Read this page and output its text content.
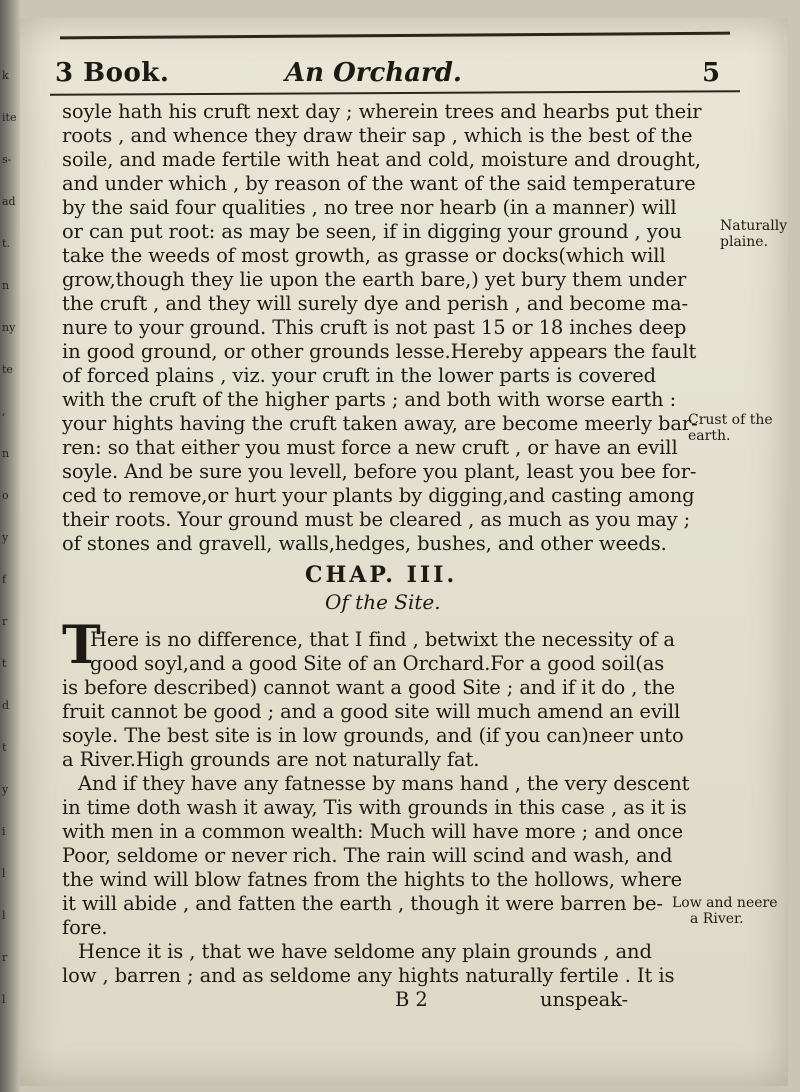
k
ite
s-
ad
t.
n
ny
te
,
n
o
y
f
r
t
d
t
y
i
l
l
r
l
3 Book.	An Orchard.	5
soyle hath his cruft next day ; wherein trees and hearbs put their
roots , and whence they draw their sap , which is the best of the
soile, and made fertile with heat and cold, moisture and drought,
and under which , by reason of the want of the said temperature
by the said four qualities , no tree nor hearb (in a manner) will
or can put root: as may be seen, if in digging your ground , you
take the weeds of most growth, as grasse or docks(which will
grow,though they lie upon the earth bare,) yet bury them under
the cruft , and they will surely dye and perish , and become ma-
nure to your ground. This cruft is not past 15 or 18 inches deep
in good ground, or other grounds lesse.Hereby appears the fault
of forced plains , viz. your cruft in the lower parts is covered
with the cruft of the higher parts ; and both with worse earth :
your hights having the cruft taken away, are become meerly bar-
ren: so that either you must force a new cruft , or have an evill
soyle. And be sure you levell, before you plant, least you bee for-
ced to remove,or hurt your plants by digging,and casting among
their roots. Your ground must be cleared , as much as you may ;
of stones and gravell, walls,hedges, bushes, and other weeds.
Naturally
plaine.
Crust of the
earth.
Low and neere
a River.
CHAP. III.
Of the Site.
T
Here is no difference, that I find , betwixt the necessity of a
good soyl,and a good Site of an Orchard.For a good soil(as
is before described) cannot want a good Site ; and if it do , the
fruit cannot be good ; and a good site will much amend an evill
soyle. The best site is in low grounds, and (if you can)neer unto
a River.High grounds are not naturally fat.
And if they have any fatnesse by mans hand , the very descent
in time doth wash it away, Tis with grounds in this case , as it is
with men in a common wealth: Much will have more ; and once
Poor, seldome or never rich. The rain will scind and wash, and
the wind will blow fatnes from the hights to the hollows, where
it will abide , and fatten the earth , though it were barren be-
fore.
Hence it is , that we have seldome any plain grounds , and
low , barren ; and as seldome any hights naturally fertile . It is
B 2	unspeak-
